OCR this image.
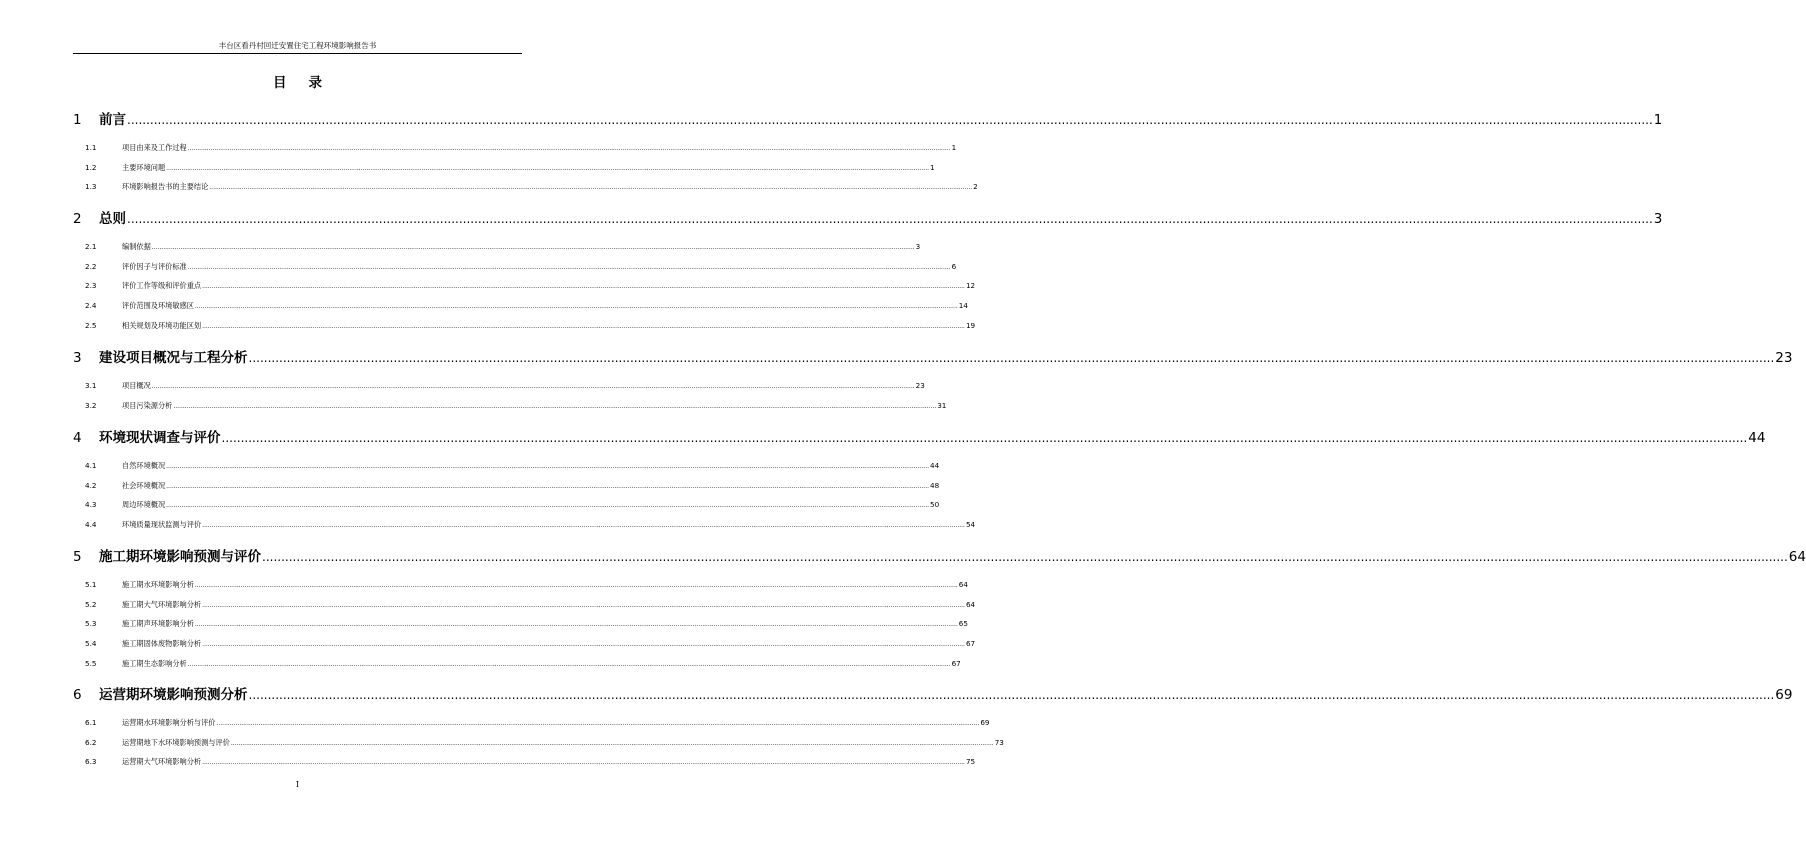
丰台区看丹村回迁安置住宅工程环境影响报告书
目录
1	前言 ................................................................................................................................................................................................................................................................................................................................................................................................................ 1
1.1	项目由来及工作过程 ................................................................................................................................................................................................................................................................................................................................................................................................................ 1
1.2	主要环境问题 ................................................................................................................................................................................................................................................................................................................................................................................................................ 1
1.3	环境影响报告书的主要结论 ................................................................................................................................................................................................................................................................................................................................................................................................................ 2
2	总则 ................................................................................................................................................................................................................................................................................................................................................................................................................ 3
2.1	编制依据 ................................................................................................................................................................................................................................................................................................................................................................................................................ 3
2.2	评价因子与评价标准 ................................................................................................................................................................................................................................................................................................................................................................................................................ 6
2.3	评价工作等级和评价重点 ................................................................................................................................................................................................................................................................................................................................................................................................................ 12
2.4	评价范围及环境敏感区 ................................................................................................................................................................................................................................................................................................................................................................................................................ 14
2.5	相关规划及环境功能区划 ................................................................................................................................................................................................................................................................................................................................................................................................................ 19
3	建设项目概况与工程分析 ................................................................................................................................................................................................................................................................................................................................................................................................................ 23
3.1	项目概况 ................................................................................................................................................................................................................................................................................................................................................................................................................ 23
3.2	项目污染源分析 ................................................................................................................................................................................................................................................................................................................................................................................................................ 31
4	环境现状调查与评价 ................................................................................................................................................................................................................................................................................................................................................................................................................ 44
4.1	自然环境概况 ................................................................................................................................................................................................................................................................................................................................................................................................................ 44
4.2	社会环境概况 ................................................................................................................................................................................................................................................................................................................................................................................................................ 48
4.3	周边环境概况 ................................................................................................................................................................................................................................................................................................................................................................................................................ 50
4.4	环境质量现状监测与评价 ................................................................................................................................................................................................................................................................................................................................................................................................................ 54
5	施工期环境影响预测与评价 ................................................................................................................................................................................................................................................................................................................................................................................................................ 64
5.1	施工期水环境影响分析 ................................................................................................................................................................................................................................................................................................................................................................................................................ 64
5.2	施工期大气环境影响分析 ................................................................................................................................................................................................................................................................................................................................................................................................................ 64
5.3	施工期声环境影响分析 ................................................................................................................................................................................................................................................................................................................................................................................................................ 65
5.4	施工期固体废物影响分析 ................................................................................................................................................................................................................................................................................................................................................................................................................ 67
5.5	施工期生态影响分析 ................................................................................................................................................................................................................................................................................................................................................................................................................ 67
6	运营期环境影响预测分析 ................................................................................................................................................................................................................................................................................................................................................................................................................ 69
6.1	运营期水环境影响分析与评价 ................................................................................................................................................................................................................................................................................................................................................................................................................ 69
6.2	运营期地下水环境影响预测与评价 ................................................................................................................................................................................................................................................................................................................................................................................................................ 73
6.3	运营期大气环境影响分析 ................................................................................................................................................................................................................................................................................................................................................................................................................ 75
I
